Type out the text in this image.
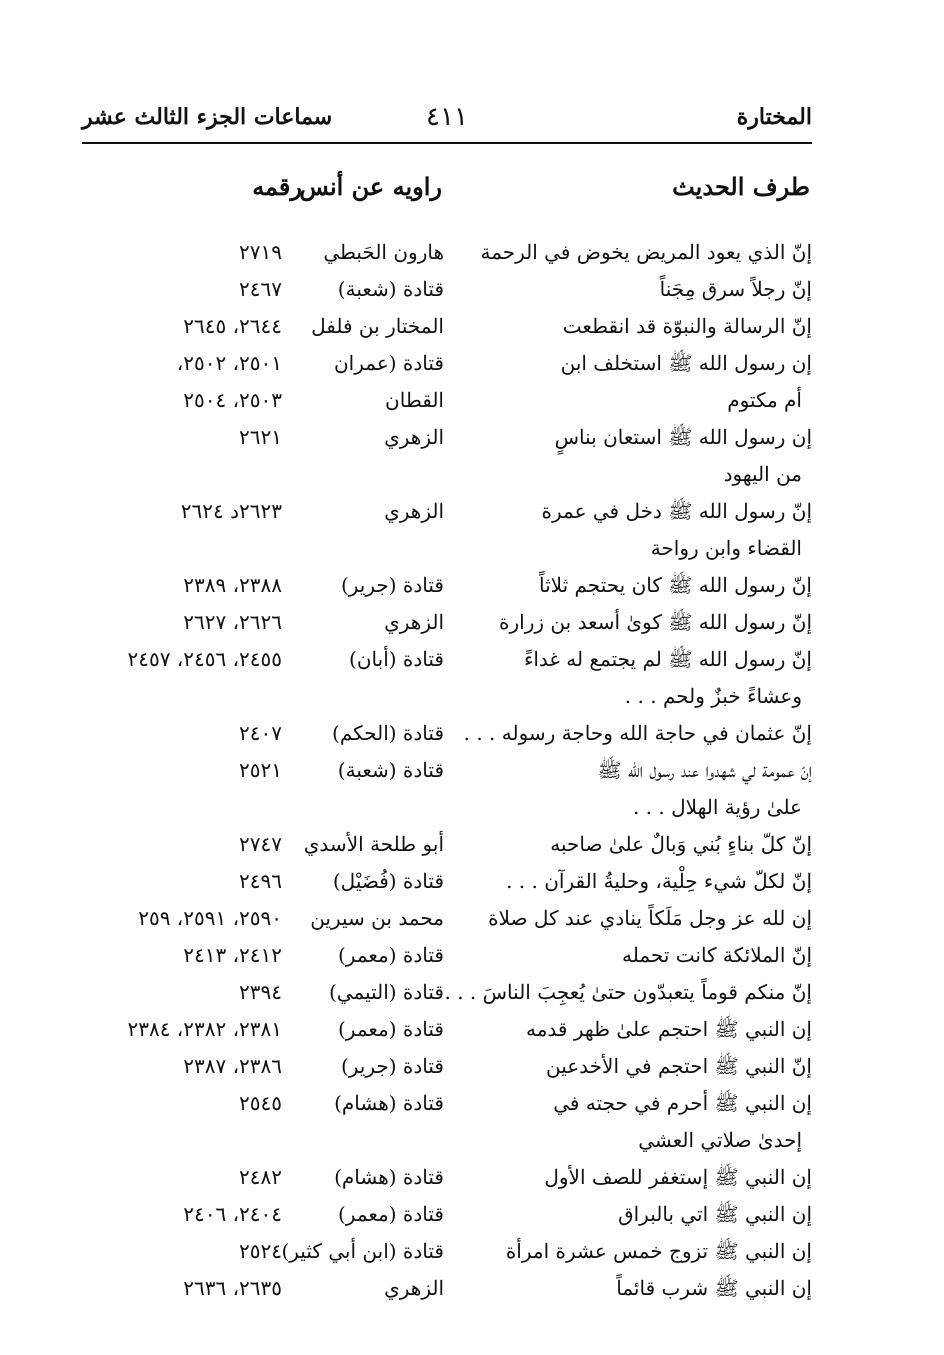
المختارة
٤١١
سماعات الجزء الثالث عشر
طرف الحديث
راويه عن أنس
رقمه
إنّ الذي يعود المريض يخوض في الرحمة
هارون الحَبطي
٢٧١٩
إنّ رجلاً سرق مِجَناً
قتادة (شعبة)
٢٤٦٧
إنّ الرسالة والنبوّة قد انقطعت
المختار بن فلفل
٢٦٤٤، ٢٦٤٥
إن رسول الله ﷺ استخلف ابن
قتادة (عمران
٢٥٠١، ٢٥٠٢،
أم مكتوم
القطان
٢٥٠٣، ٢٥٠٤
إن رسول الله ﷺ استعان بناسٍ
الزهري
٢٦٢١
من اليهود
إنّ رسول الله ﷺ دخل في عمرة
الزهري
٢٦٢٣د ٢٦٢٤
القضاء وابن رواحة
إنّ رسول الله ﷺ كان يحتجم ثلاثاً
قتادة (جرير)
٢٣٨٨، ٢٣٨٩
إنّ رسول الله ﷺ كوىٰ أسعد بن زرارة
الزهري
٢٦٢٦، ٢٦٢٧
إنّ رسول الله ﷺ لم يجتمع له غداءً
قتادة (أبان)
٢٤٥٥، ٢٤٥٦، ٢٤٥٧
وعشاءً خبزٌ ولحم . . .
إنّ عثمان في حاجة الله وحاجة رسوله . . .
قتادة (الحكم)
٢٤٠٧
إنّ عمومة لي شهدوا عند رسول الله ﷺ
قتادة (شعبة)
٢٥٢١
علىٰ رؤية الهلال . . .
إنّ كلّ بناءٍ بُني وَبالٌ علىٰ صاحبه
أبو طلحة الأسدي
٢٧٤٧
إنّ لكلّ شيء حِلْية، وحليةُ القرآن . . .
قتادة (فُضَيْل)
٢٤٩٦
إن لله عز وجل مَلَكاً ينادي عند كل صلاة
محمد بن سيرين
٢٥٩٠، ٢٥٩١، ٢٥٩
إنّ الملائكة كانت تحمله
قتادة (معمر)
٢٤١٢، ٢٤١٣
إنّ منكم قوماً يتعبدّون حتىٰ يُعجِبَ الناسَ . . .
قتادة (التيمي)
٢٣٩٤
إن النبي ﷺ احتجم علىٰ ظهر قدمه
قتادة (معمر)
٢٣٨١، ٢٣٨٢، ٢٣٨٤
إنّ النبي ﷺ احتجم في الأخدعين
قتادة (جرير)
٢٣٨٦، ٢٣٨٧
إن النبي ﷺ أحرم في حجته في
قتادة (هشام)
٢٥٤٥
إحدىٰ صلاتي العشي
إن النبي ﷺ إستغفر للصف الأول
قتادة (هشام)
٢٤٨٢
إن النبي ﷺ اتي بالبراق
قتادة (معمر)
٢٤٠٤، ٢٤٠٦
إن النبي ﷺ تزوج خمس عشرة امرأة
قتادة (ابن أبي كثير)
٢٥٢٤
إن النبي ﷺ شرب قائماً
الزهري
٢٦٣٥، ٢٦٣٦
